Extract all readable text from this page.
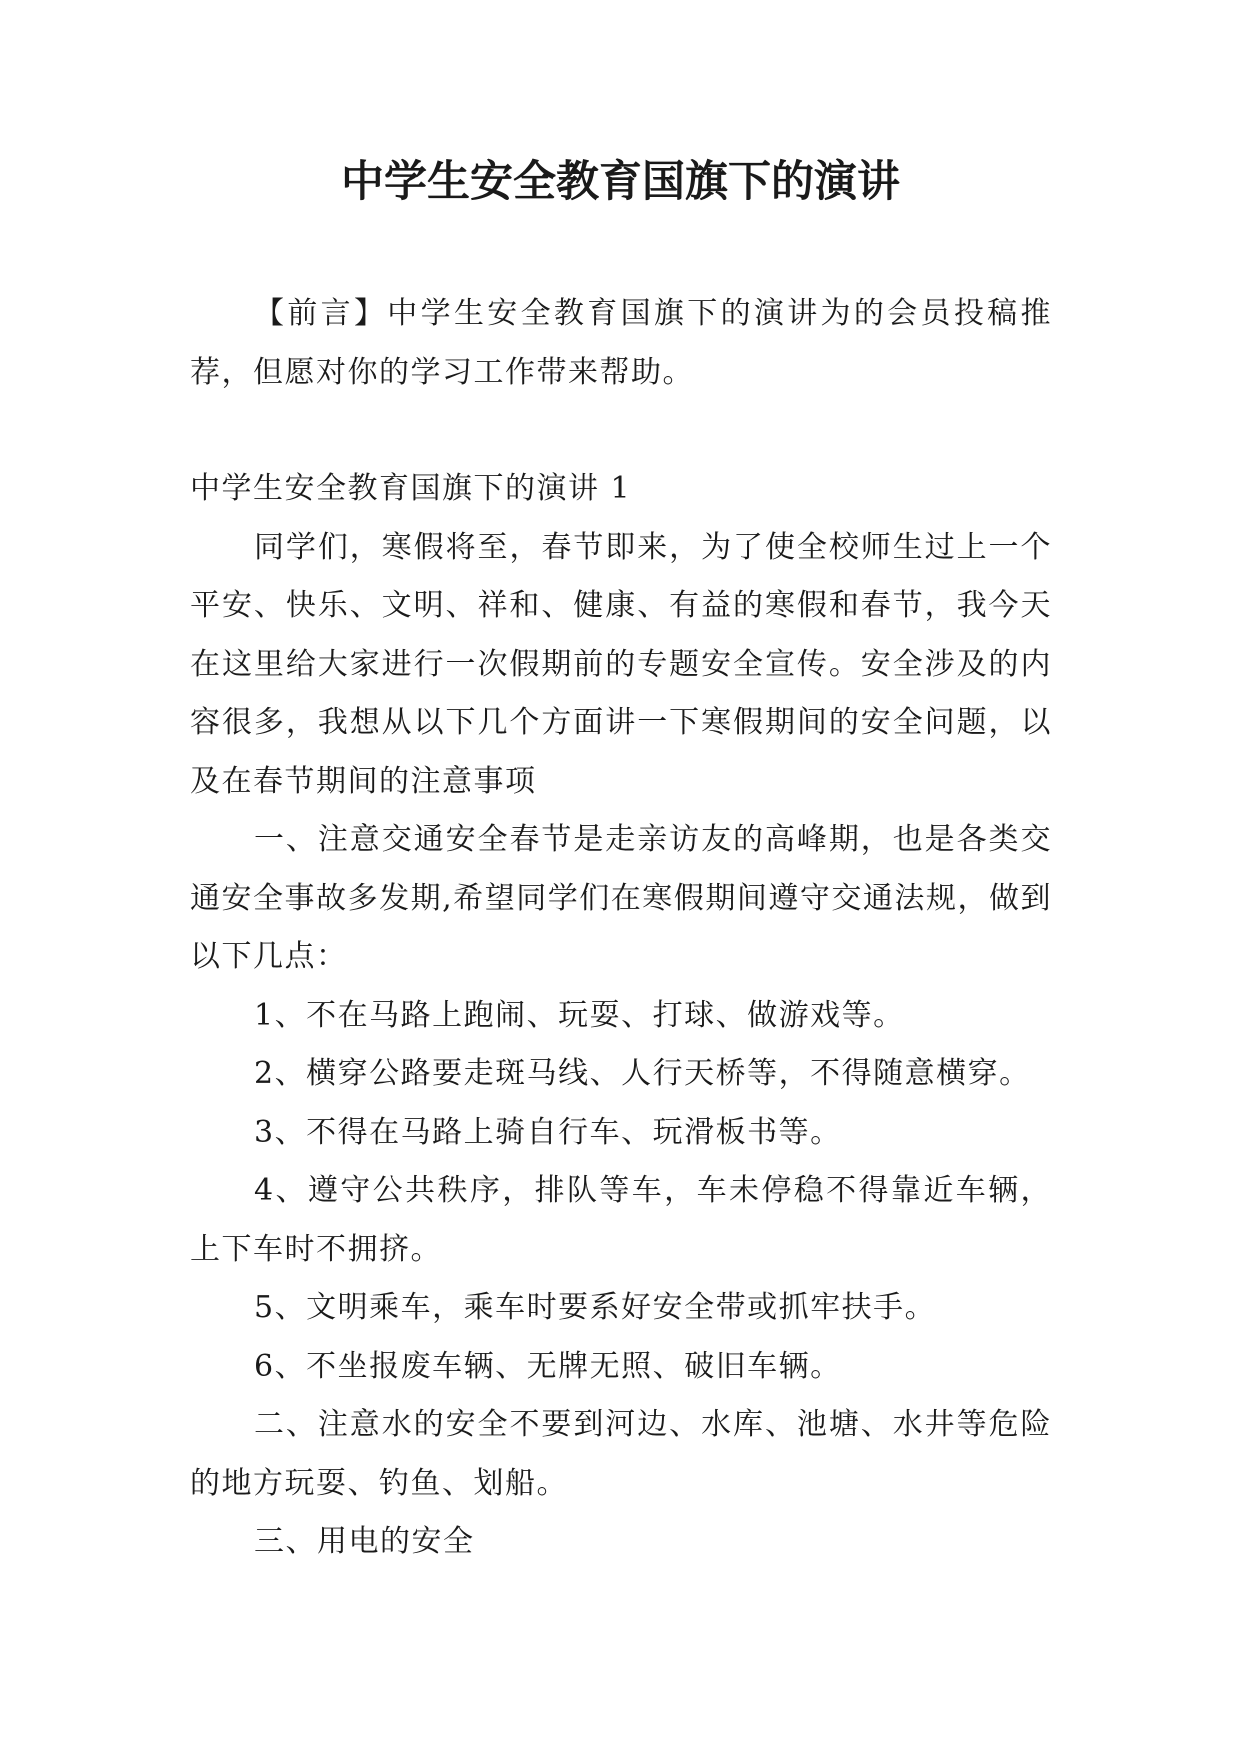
中学生安全教育国旗下的演讲

【前言】中学生安全教育国旗下的演讲为的会员投稿推荐，但愿对你的学习工作带来帮助。

中学生安全教育国旗下的演讲 1

同学们，寒假将至，春节即来，为了使全校师生过上一个平安、快乐、文明、祥和、健康、有益的寒假和春节，我今天在这里给大家进行一次假期前的专题安全宣传。安全涉及的内容很多，我想从以下几个方面讲一下寒假期间的安全问题，以及在春节期间的注意事项

一、注意交通安全春节是走亲访友的高峰期，也是各类交通安全事故多发期,希望同学们在寒假期间遵守交通法规，做到以下几点：

1、不在马路上跑闹、玩耍、打球、做游戏等。

2、横穿公路要走斑马线、人行天桥等，不得随意横穿。

3、不得在马路上骑自行车、玩滑板书等。

4、遵守公共秩序，排队等车，车未停稳不得靠近车辆，上下车时不拥挤。

5、文明乘车，乘车时要系好安全带或抓牢扶手。

6、不坐报废车辆、无牌无照、破旧车辆。

二、注意水的安全不要到河边、水库、池塘、水井等危险的地方玩耍、钓鱼、划船。

三、用电的安全
